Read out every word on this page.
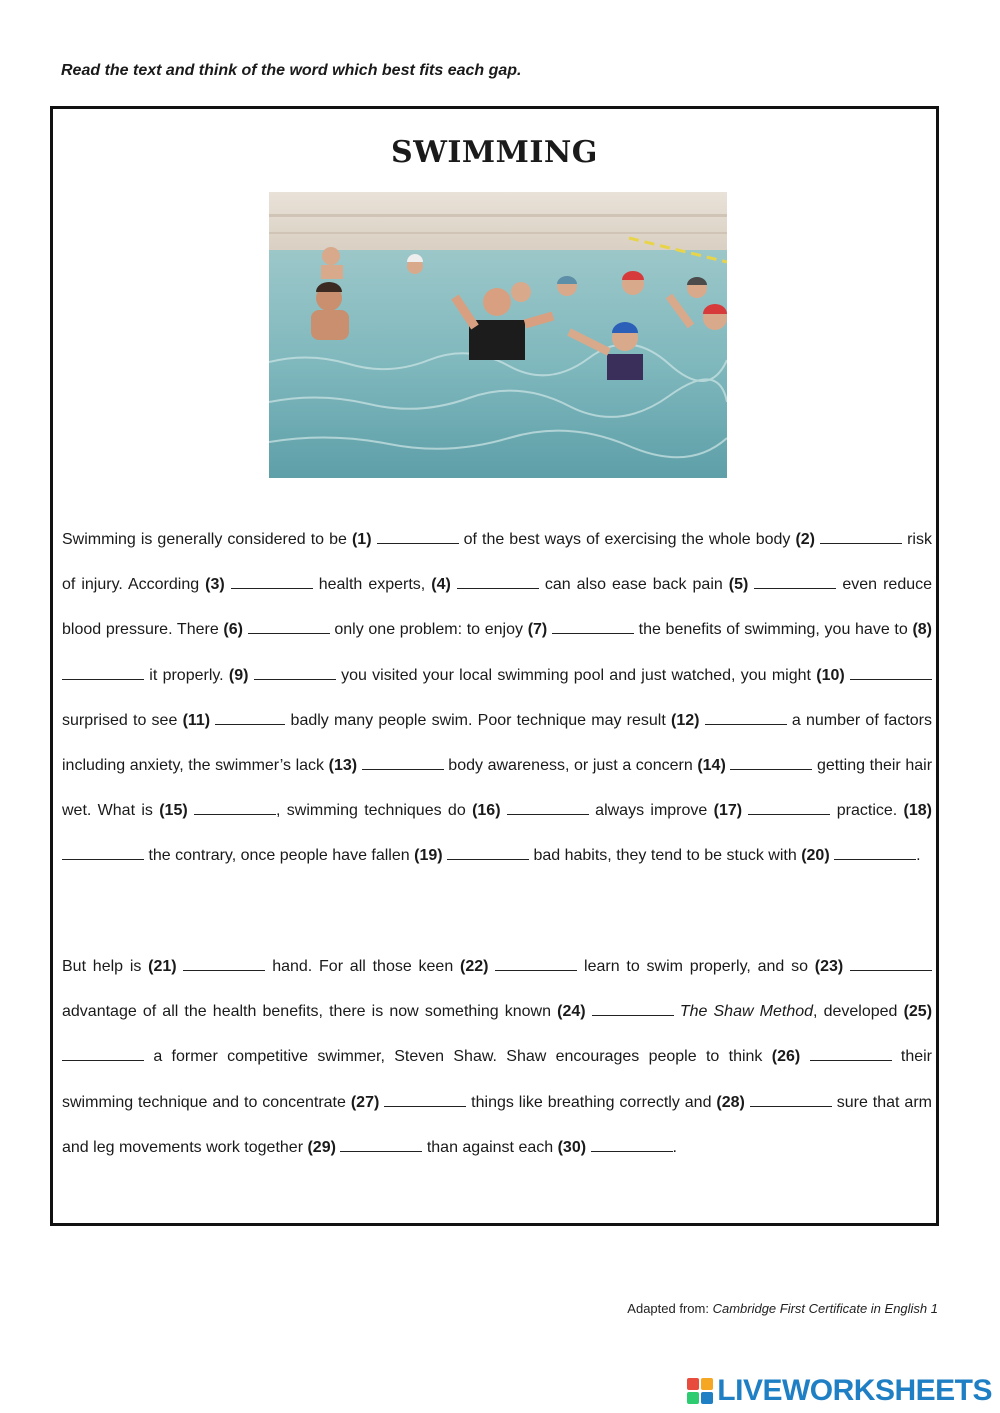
Read the text and think of the word which best fits each gap.
SWIMMING
Swimming is generally considered to be (1)	of the best ways of exercising the whole body (2)	risk of injury. According (3)	health experts, (4)	can also ease back pain (5)	even reduce blood pressure. There (6)	only one problem: to enjoy (7)	the benefits of swimming, you have to (8)  it properly. (9)	you visited your local swimming pool and just watched, you might (10)  surprised to see (11)	badly many people swim. Poor technique may result (12)	a number of factors including anxiety, the swimmer’s lack (13)	body awareness, or just a concern (14)	getting their hair wet. What is (15)	, swimming techniques do (16)	always improve (17)	practice. (18)  the contrary, once people have fallen (19)	bad habits, they tend to be stuck with (20)	.
But help is (21)	hand. For all those keen (22)	learn to swim properly, and so (23)  advantage of all the health benefits, there is now something known (24)	The Shaw Method, developed (25)  a former competitive swimmer, Steven Shaw. Shaw encourages people to think (26)	their swimming technique and to concentrate (27)	things like breathing correctly and (28)	sure that arm and leg movements work together (29)	than against each (30)	.
Adapted from: Cambridge First Certificate in English 1
LIVEWORKSHEETS
